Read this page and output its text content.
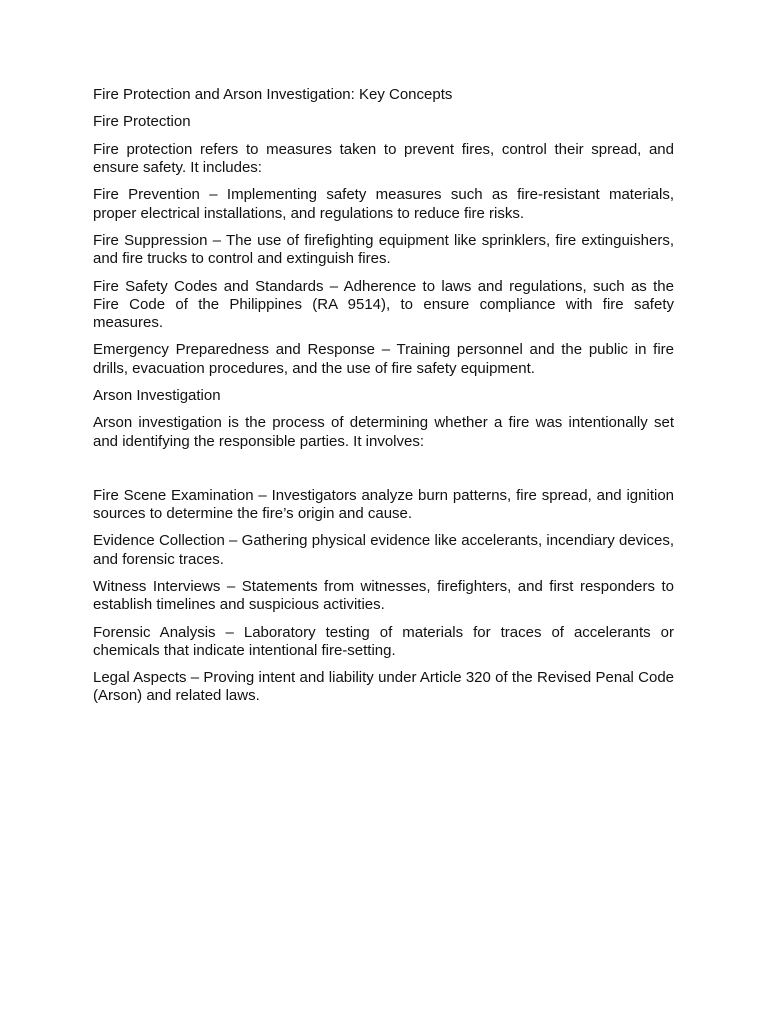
Fire Protection and Arson Investigation: Key Concepts

Fire Protection

Fire protection refers to measures taken to prevent fires, control their spread, and ensure safety. It includes:

Fire Prevention – Implementing safety measures such as fire-resistant materials, proper electrical installations, and regulations to reduce fire risks.

Fire Suppression – The use of firefighting equipment like sprinklers, fire extinguishers, and fire trucks to control and extinguish fires.

Fire Safety Codes and Standards – Adherence to laws and regulations, such as the Fire Code of the Philippines (RA 9514), to ensure compliance with fire safety measures.

Emergency Preparedness and Response – Training personnel and the public in fire drills, evacuation procedures, and the use of fire safety equipment.

Arson Investigation

Arson investigation is the process of determining whether a fire was intentionally set and identifying the responsible parties. It involves:

Fire Scene Examination – Investigators analyze burn patterns, fire spread, and ignition sources to determine the fire’s origin and cause.

Evidence Collection – Gathering physical evidence like accelerants, incendiary devices, and forensic traces.

Witness Interviews – Statements from witnesses, firefighters, and first responders to establish timelines and suspicious activities.

Forensic Analysis – Laboratory testing of materials for traces of accelerants or chemicals that indicate intentional fire-setting.

Legal Aspects – Proving intent and liability under Article 320 of the Revised Penal Code (Arson) and related laws.
